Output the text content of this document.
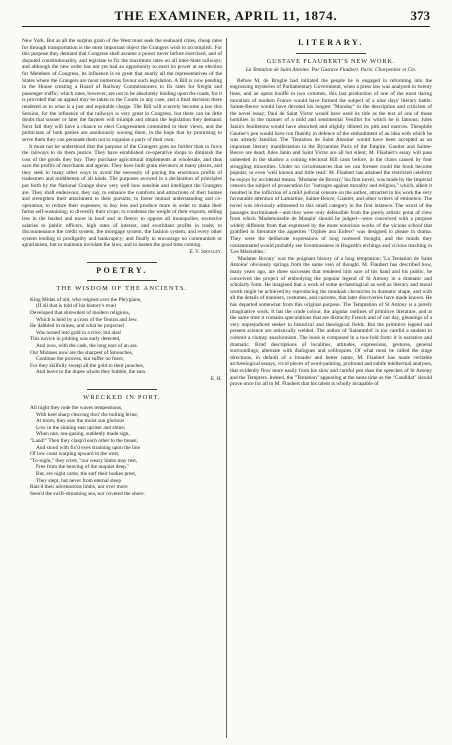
THE EXAMINER, APRIL 11, 1874.	373

New York. But as all the surplus grain of the West must seek the seaboard cities, cheap rates for through transportation is the most important object the Grangers wish to accomplish. For this purpose they demand that Congress shall assume a power never before exercised, and of disputed constitutionality, and legislate to fix the maximum rates on all inter-State railways; and although the new order has not yet had an opportunity to exert its power at an election for Members of Congress, its influence is so great that nearly all the representatives of the States where the Grangers are most numerous favour such legislation. A Bill is now pending in the House creating a Board of Railway Commissioners to fix rates for freight and passenger traffic; which rates, however, are not to be absolutely binding upon the roads, for it is provided that an appeal may be taken to the Courts in any case, and a final decision there rendered as to what is a just and equitable charge. The Bill will scarcely become a law this Session, for the influence of the railways is very great in Congress, but there can be little doubt that sooner or later the farmers will triumph and obtain the legislation they demand. Next fall they will have a chance to elect Congressmen committed to their views, and the politicians of both parties are assiduously wooing them, in the hope that by promising to serve them they can persuade them not to organise a party of their own.

It must not be understood that the purpose of the Grangers goes no further than to force the railways to do them justice. They have established co-operative shops to diminish the cost of the goods they buy. They purchase agricultural implements at wholesale, and thus save the profits of merchants and agents. They have built grain elevators at many places, and they seek in many other ways to avoid the necessity of paying the enormous profits of tradesmen and middlemen of all kinds. The purposes avowed in a declaration of principles put forth by the National Grange show very well how sensible and intelligent the Grangers are. They shall endeavour, they say, to enhance the comforts and attractions of their homes and strengthen their attachment to their pursuits; to foster mutual understanding and co-operation; to reduce their expenses; to buy less and produce more in order to make their farms self-sustaining; to diversify their crops; to condense the weight of their exports, selling less in the bushel and more in hoof and in fleece; to oppose all monopolies, excessive salaries to public officers, high rates of interest, and exorbitant profits in trade; to discountenance the credit system, the mortgage system, the fashion system, and every other system tending to prodigality and bankruptcy; and finally to encourage no communism or agrarianism, but to maintain inviolate the laws, and to hasten the good time coming.

E. V. Smalley.
POETRY.
THE WISDOM OF THE ANCIENTS.
King Midas of old, who reigned over the Phrygians,
(If all that is told of his history's true)
Developed that shrewdest of modern religions,
Which is held by a cross of the Teuton and Jew.
He dabbled in mines, and what he projected
Was turned into gold in a trice; but alas!
This novice in jobbing was early detected,
And woo, with the cash, the long ears of an ass.
Our Midases now are the sharpest of Smouches,
Continue the process, but suffer no fears;
For they skilfully sweep all the gold to their pouches,
And leave to the dupes whom they bubble, the ears.
E. H.
WRECKED IN PORT.
All night they rode the waves tempestuous,
With keel sharp cleaving thro' the boiling brine;
At morn, they saw the moist sun glorious
Low in the sinking east upriser and shine;
When one, sea-gazing, suddenly made sign,
"Land!" Then they clasp'd each other to the breast,
And stood with fix'd eyes straining upon the line
Of low coast warping upward in the west,
"To-night," they cried, "our weary limbs may rest,
Free from the heaving of the unquiet deep."
But, ere night came, the surf their bodies prest,
They slept, but never from eternal sleep
Rais'd their adventurous limbs, nor ever more
Seen'd the swift-streaming sea, nor coveted the shore.
LITERARY.
GUSTAVE FLAUBERT'S NEW WORK.
La Tentation de Saint Antoine. Par Gustave Flaubert. Paris: Charpentier et Cie.

Before M. de Broglie had initiated the people he is engaged in reforming into the engrossing mysteries of Parliamentary Government, when a press law was analysed in twenty lines, and an opera bouffe in two columns, this last production of one of the most daring moralists of modern France would have formed the subject of a nine days' literary battle. Sainte-Beuve would have devoted his longest "Monday" to the description and criticism of the novel essay; Paul de Saint Victor would have used its title as the text of one of those homilies in the manner of a mild and sentimental Veuillot for which he is famous; Jules Janin's feuilletons would have absorbed and slightly diluted its pith and marrow. Théophile Gautier's pen would have run fluently in defence of the embodiment of an idea with which he was already familiar. The 'Tentation de Saint Antoine' would have been accepted as an important literary manifestation in the Byzantine Paris of the Empire. Gautier and Sainte-Beuve are dead; Jules Janin and Saint Victor are all but silent; M. Flaubert's essay will pass unheeded in the shadow a coming electoral Bill casts before, in the chaos caused by four struggling minorities. Under no circumstances that we can foresee could the book become popular, or even 'well known and little read.' M. Flaubert has attained the restricted celebrity he enjoys by accidental means. 'Madame de Bovary,' his first novel, was made by the Imperial censors the subject of prosecution for "outrages against morality and religion," which, albeit it resulted in the infliction of a mild judicial censure on the author, attracted to his work the very favourable attention of Lamartine, Sainte-Beuve, Gautier, and other writers of eminence. The novel was obviously addressed to this small category in the first instance. The worst of the passages incriminated—and they were only defensible from the purely artistic point of view from which 'Mademoiselle de Maupin' should be judged—were conceived with a purpose widely different from that expressed by the more notorious works of the vicious school that gratified in literature the appetites "Orphée aux Enfers" was designed to please in drama. They were the deliberate expressions of long nurtured thought, and the minds they contaminated would probably see licentiousness in Hogarth's etchings and vicious teaching in 'Les Misérables.'

'Madame Bovary' was the poignant history of a long temptation; 'La Tentation de Saint Antoine' obviously springs from the same vein of thought. M. Flaubert has described how, many years ago, are three successes that rendered him sure of his hand and his public, he conceived the project of embodying the popular legend of St Antony in a dramatic and scholarly form. He imagined that a work of some archæological as well as literary and moral worth might be achieved by reproducing the monkish chronicles in dramatic shape, and with all the details of manners, costumes, and customs, that later discoveries have made known. He has departed somewhat from this original purpose. The Temptation of St Antony is a purely imaginative work. It has the crude colour, the angular outlines of primitive literature, and at the same time it contains speculations that are distinctly French and of our day, gleanings of a very unprejudiced seeker in historical and theological fields. But the primitive legend and present science are artistically welded. The author of 'Salammbô' is too careful a student to commit a clumsy anachronism. The book is composed in a two-fold form: it is narrative and dramatic. Brief descriptions of localities, attitudes, expressions, gestures, general surroundings, alternate with dialogues and soliloquies. Of what must be called the stage directions, in default of a broader and better name, M. Flaubert has made veritable archæological essays, vivid pieces of word-painting, profound and subtle intellectual analyses, that evidently flow more easily from his slow and careful pen than the speeches of St Antony and the Tempters. Indeed, the "Tentation" appearing at the same time as the "Candidat" should prove once for all to M. Flaubert that his talent is wholly incapable of
